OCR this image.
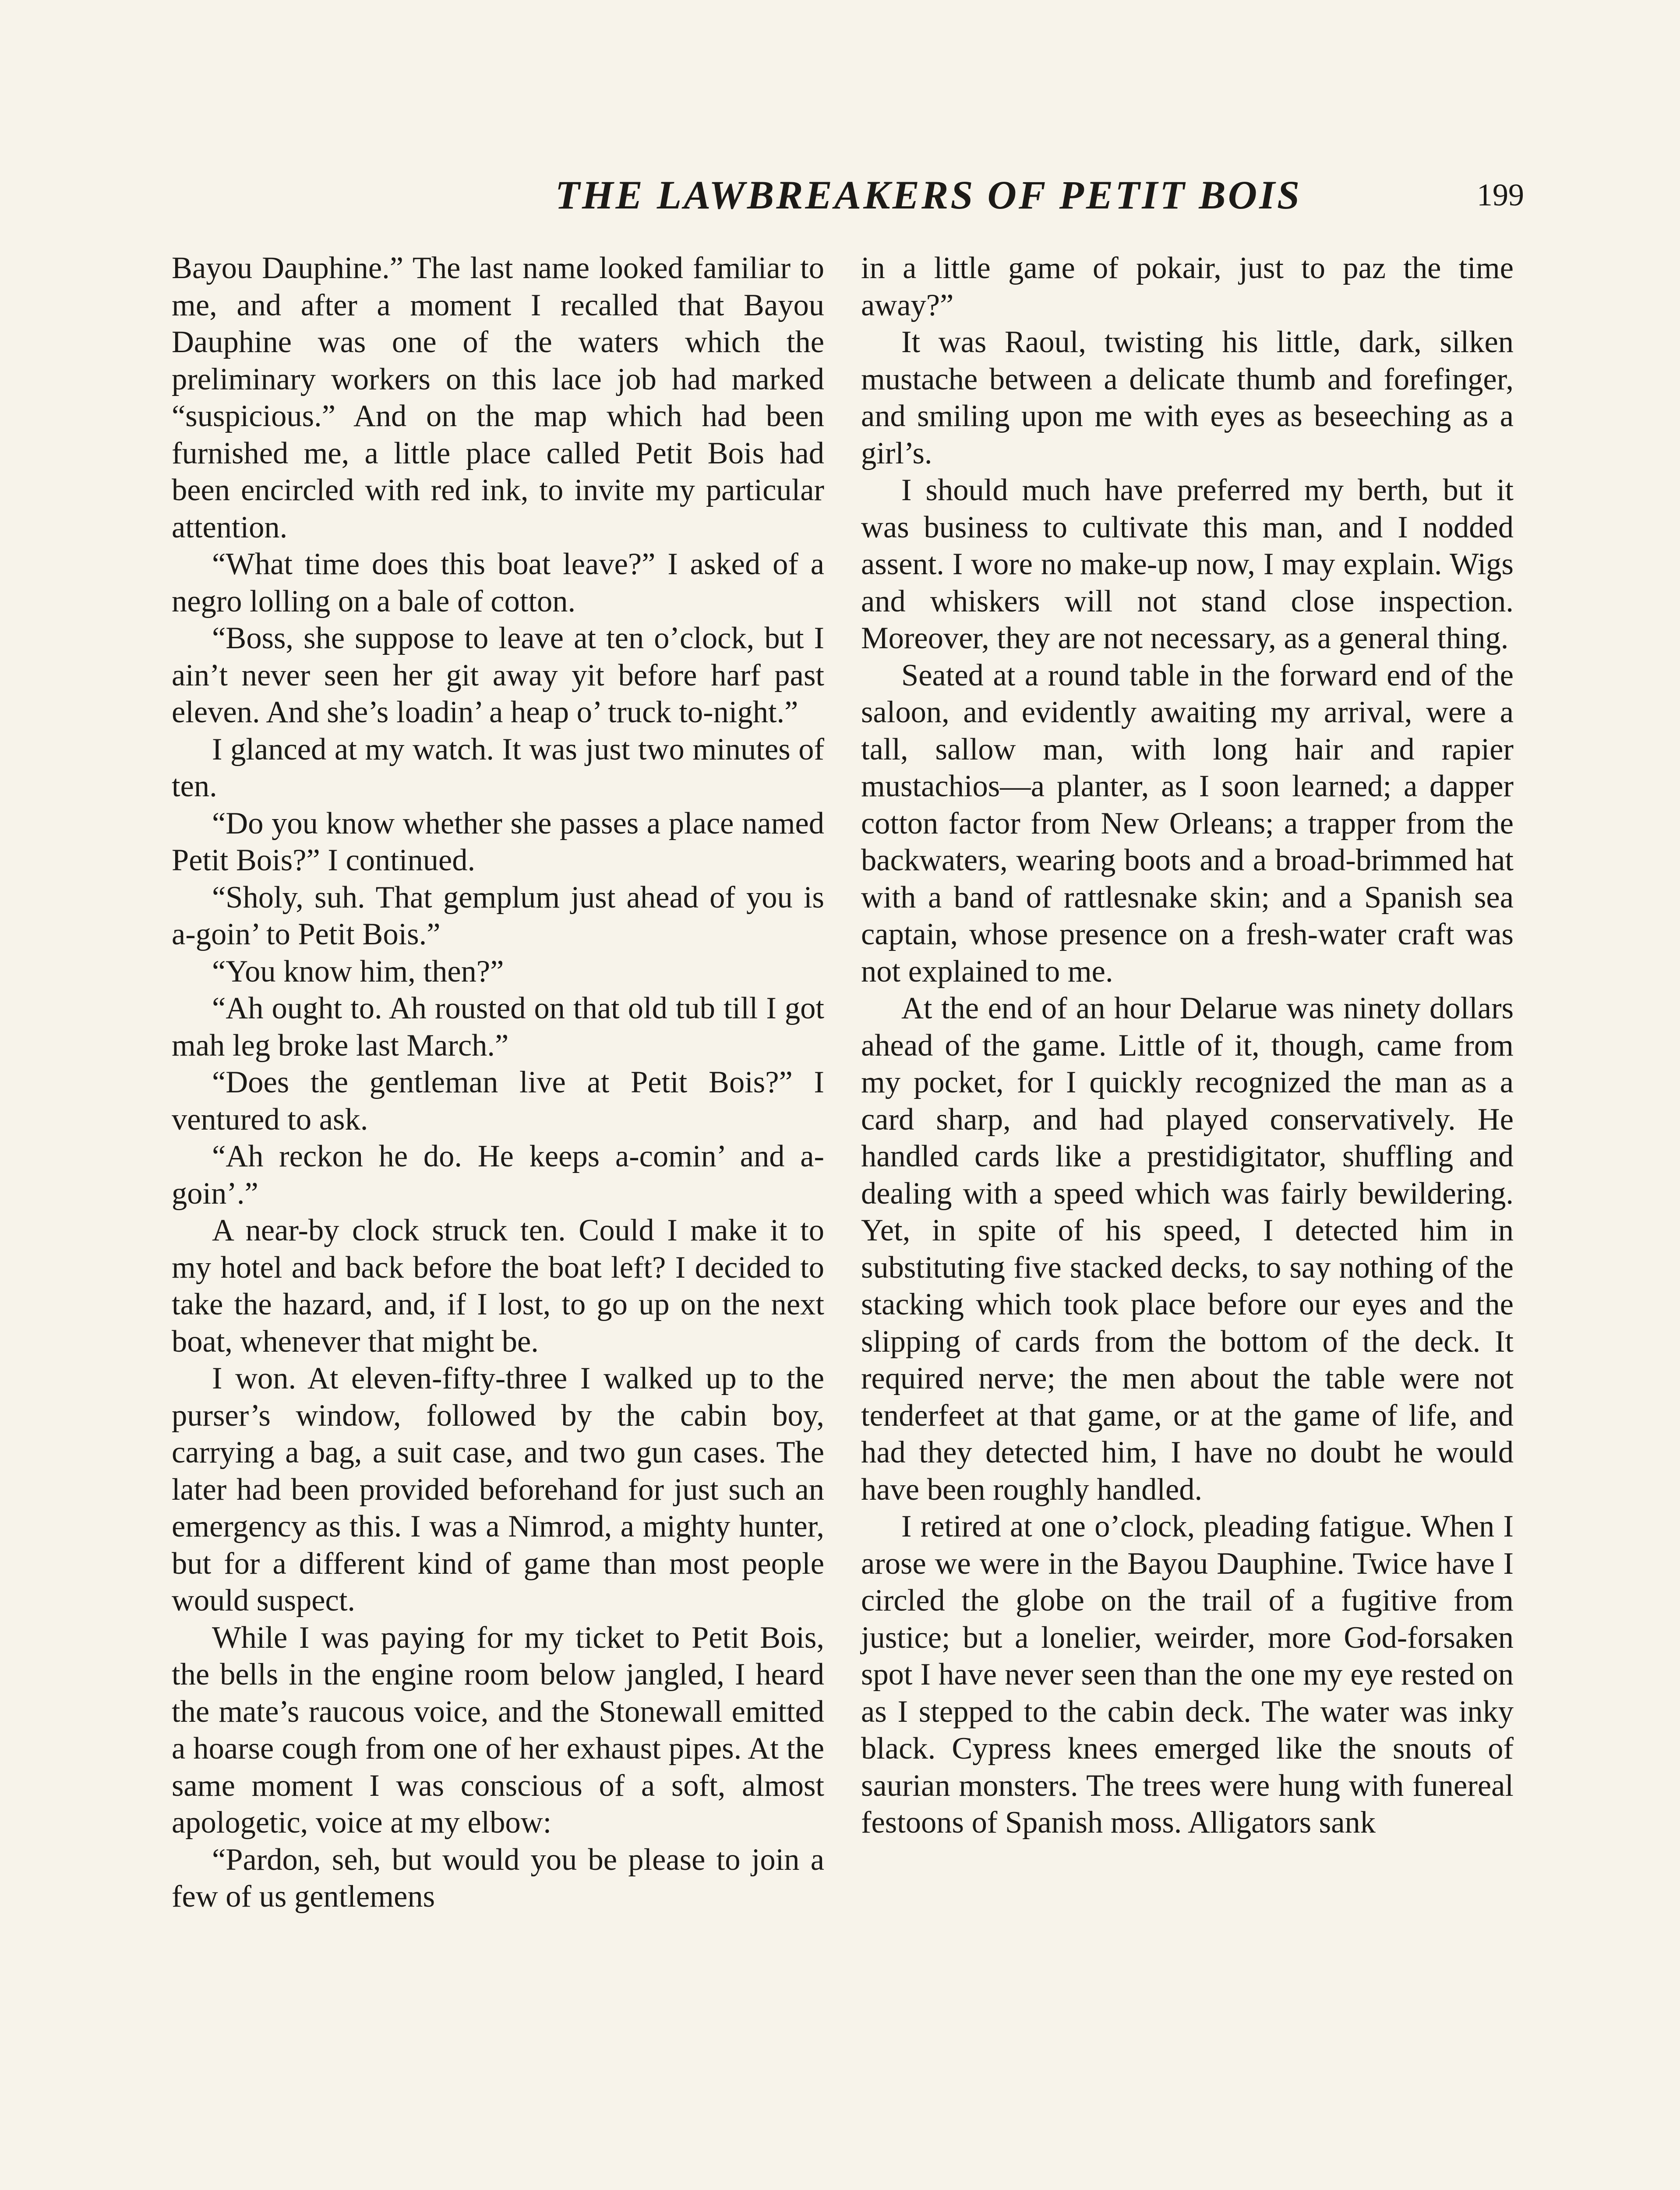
THE LAWBREAKERS OF PETIT BOIS	199

Bayou Dauphine.” The last name looked familiar to me, and after a moment I recalled that Bayou Dauphine was one of the waters which the preliminary workers on this lace job had marked “suspicious.” And on the map which had been furnished me, a little place called Petit Bois had been encircled with red ink, to invite my particular attention.

“What time does this boat leave?” I asked of a negro lolling on a bale of cotton.

“Boss, she suppose to leave at ten o’clock, but I ain’t never seen her git away yit before harf past eleven. And she’s loadin’ a heap o’ truck to-night.”

I glanced at my watch. It was just two minutes of ten.

“Do you know whether she passes a place named Petit Bois?” I continued.

“Sholy, suh. That gemplum just ahead of you is a-goin’ to Petit Bois.”

“You know him, then?”

“Ah ought to. Ah rousted on that old tub till I got mah leg broke last March.”

“Does the gentleman live at Petit Bois?” I ventured to ask.

“Ah reckon he do. He keeps a-comin’ and a-goin’.”

A near-by clock struck ten. Could I make it to my hotel and back before the boat left? I decided to take the hazard, and, if I lost, to go up on the next boat, whenever that might be.

I won. At eleven-fifty-three I walked up to the purser’s window, followed by the cabin boy, carrying a bag, a suit case, and two gun cases. The later had been provided beforehand for just such an emergency as this. I was a Nimrod, a mighty hunter, but for a different kind of game than most people would suspect.

While I was paying for my ticket to Petit Bois, the bells in the engine room below jangled, I heard the mate’s raucous voice, and the Stonewall emitted a hoarse cough from one of her exhaust pipes. At the same moment I was conscious of a soft, almost apologetic, voice at my elbow:

“Pardon, seh, but would you be please to join a few of us gentlemens

in a little game of pokair, just to paz the time away?”

It was Raoul, twisting his little, dark, silken mustache between a delicate thumb and forefinger, and smiling upon me with eyes as beseeching as a girl’s.

I should much have preferred my berth, but it was business to cultivate this man, and I nodded assent. I wore no make-up now, I may explain. Wigs and whiskers will not stand close inspection. Moreover, they are not necessary, as a general thing.

Seated at a round table in the forward end of the saloon, and evidently awaiting my arrival, were a tall, sallow man, with long hair and rapier mustachios—a planter, as I soon learned; a dapper cotton factor from New Orleans; a trapper from the backwaters, wearing boots and a broad-brimmed hat with a band of rattlesnake skin; and a Spanish sea captain, whose presence on a fresh-water craft was not explained to me.

At the end of an hour Delarue was ninety dollars ahead of the game. Little of it, though, came from my pocket, for I quickly recognized the man as a card sharp, and had played conservatively. He handled cards like a prestidigitator, shuffling and dealing with a speed which was fairly bewildering. Yet, in spite of his speed, I detected him in substituting five stacked decks, to say nothing of the stacking which took place before our eyes and the slipping of cards from the bottom of the deck. It required nerve; the men about the table were not tenderfeet at that game, or at the game of life, and had they detected him, I have no doubt he would have been roughly handled.

I retired at one o’clock, pleading fatigue. When I arose we were in the Bayou Dauphine. Twice have I circled the globe on the trail of a fugitive from justice; but a lonelier, weirder, more God-forsaken spot I have never seen than the one my eye rested on as I stepped to the cabin deck. The water was inky black. Cypress knees emerged like the snouts of saurian monsters. The trees were hung with funereal festoons of Spanish moss. Alligators sank
